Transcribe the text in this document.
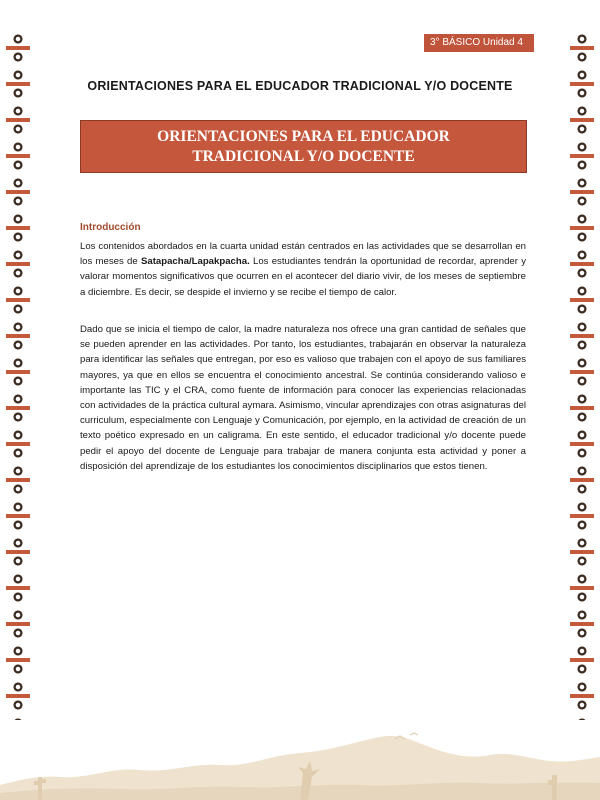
3° BÁSICO Unidad 4
ORIENTACIONES PARA EL EDUCADOR TRADICIONAL Y/O DOCENTE
ORIENTACIONES PARA EL EDUCADOR TRADICIONAL Y/O DOCENTE
Introducción

Los contenidos abordados en la cuarta unidad están centrados en las actividades que se desarrollan en los meses de Satapacha/Lapakpacha. Los estudiantes tendrán la oportunidad de recordar, aprender y valorar momentos significativos que ocurren en el acontecer del diario vivir, de los meses de septiembre a diciembre. Es decir, se despide el invierno y se recibe el tiempo de calor.

Dado que se inicia el tiempo de calor, la madre naturaleza nos ofrece una gran cantidad de señales que se pueden aprender en las actividades. Por tanto, los estudiantes, trabajarán en observar la naturaleza para identificar las señales que entregan, por eso es valioso que trabajen con el apoyo de sus familiares mayores, ya que en ellos se encuentra el conocimiento ancestral. Se continúa considerando valioso e importante las TIC y el CRA, como fuente de información para conocer las experiencias relacionadas con actividades de la práctica cultural aymara. Asimismo, vincular aprendizajes con otras asignaturas del curriculum, especialmente con Lenguaje y Comunicación, por ejemplo, en la actividad de creación de un texto poético expresado en un caligrama. En este sentido, el educador tradicional y/o docente puede pedir el apoyo del docente de Lenguaje para trabajar de manera conjunta esta actividad y poner a disposición del aprendizaje de los estudiantes los conocimientos disciplinarios que estos tienen.
